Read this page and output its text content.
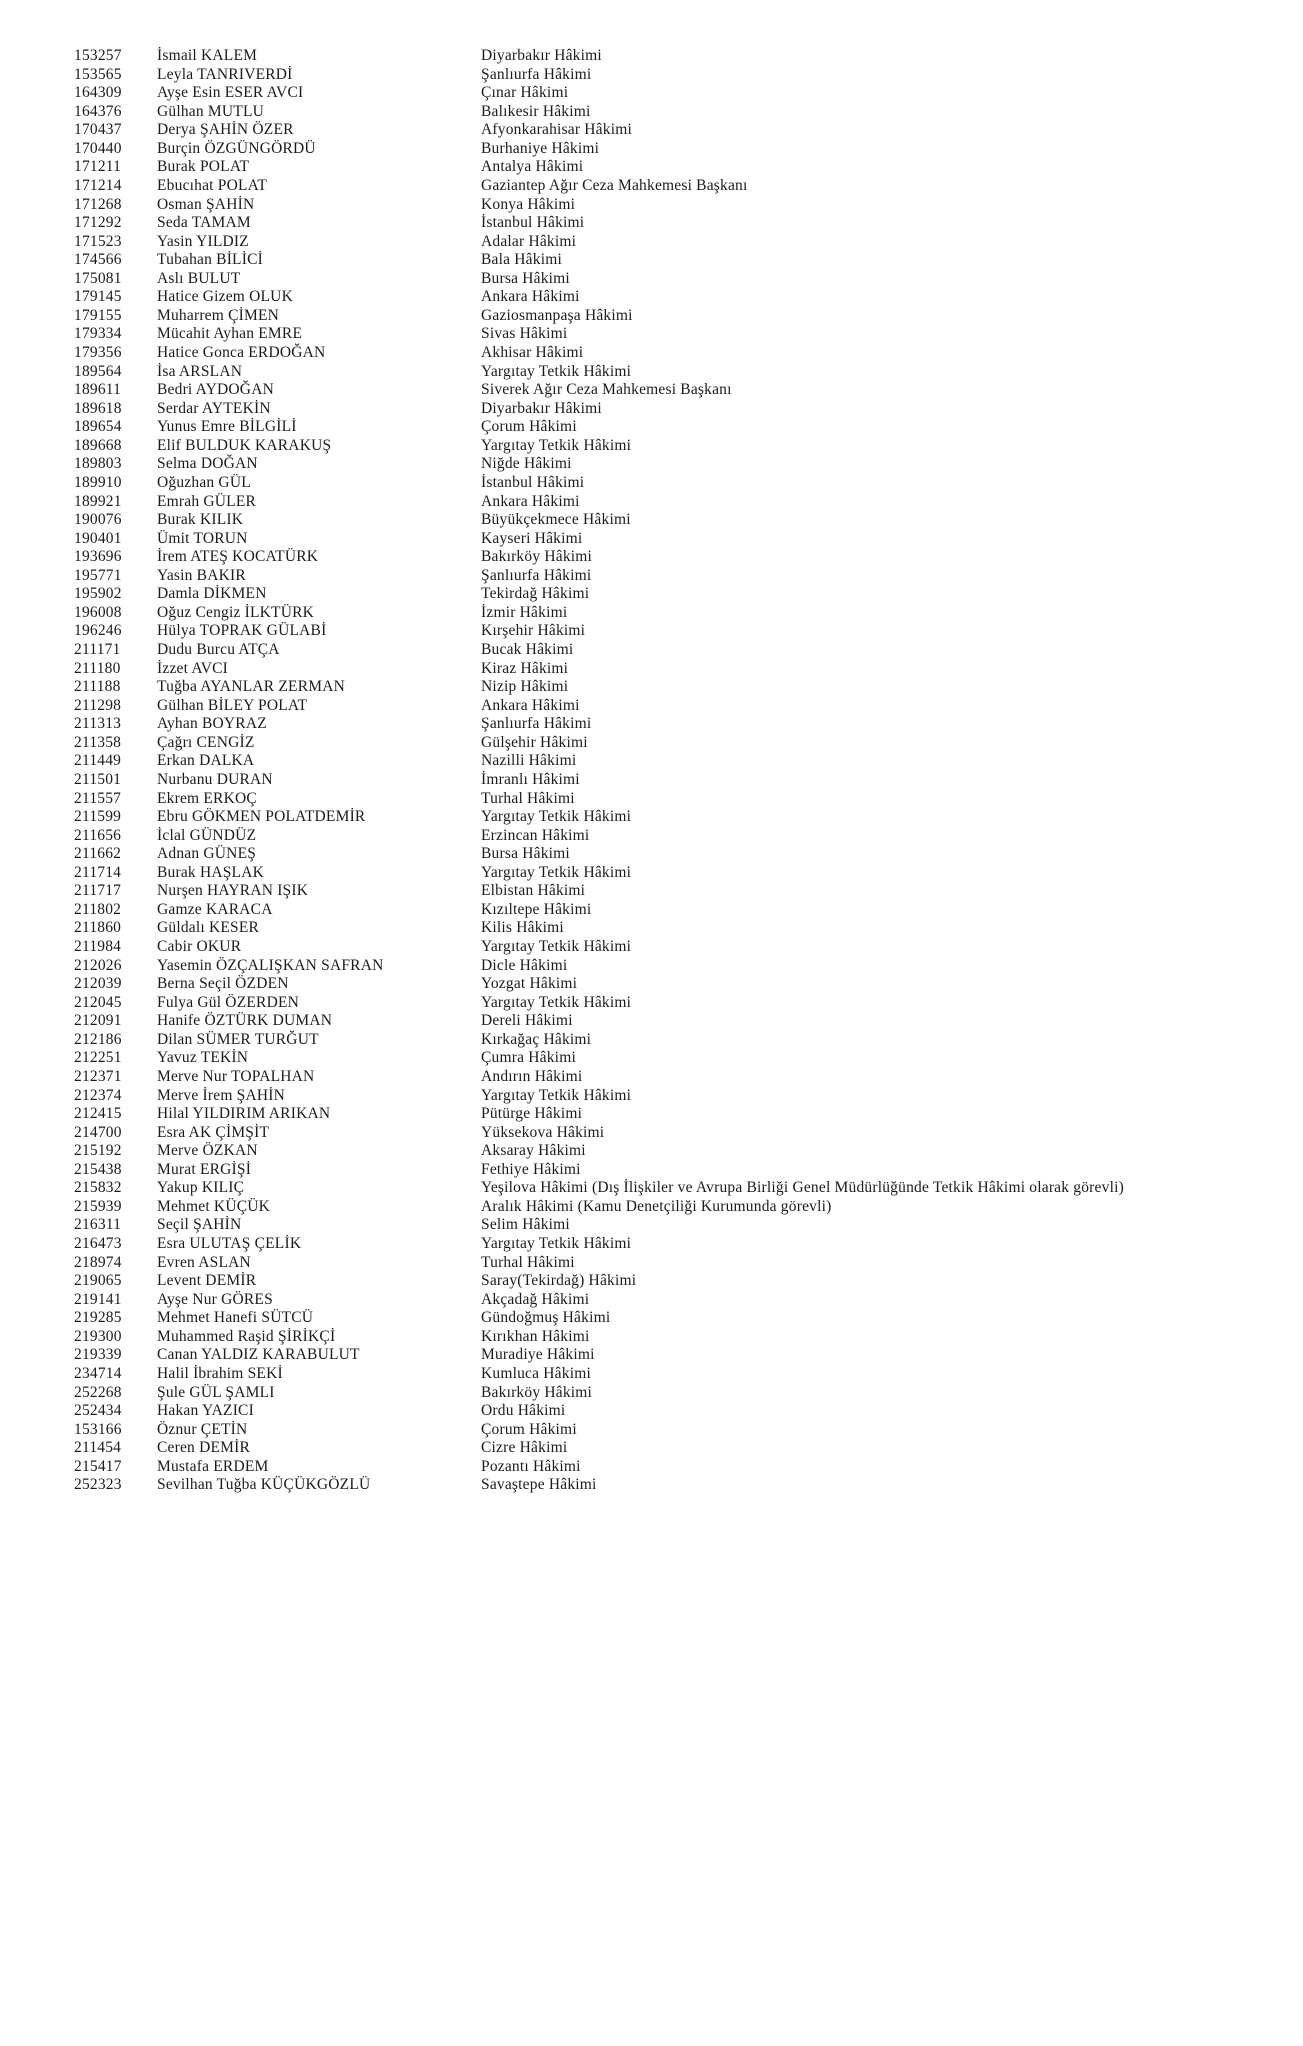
153257	İsmail KALEM	Diyarbakır Hâkimi
153565	Leyla TANRIVERDİ	Şanlıurfa Hâkimi
164309	Ayşe Esin ESER AVCI	Çınar Hâkimi
164376	Gülhan MUTLU	Balıkesir Hâkimi
170437	Derya ŞAHİN ÖZER	Afyonkarahisar Hâkimi
170440	Burçin ÖZGÜNGÖRDÜ	Burhaniye Hâkimi
171211	Burak POLAT	Antalya Hâkimi
171214	Ebucıhat POLAT	Gaziantep Ağır Ceza Mahkemesi Başkanı
171268	Osman ŞAHİN	Konya Hâkimi
171292	Seda TAMAM	İstanbul Hâkimi
171523	Yasin YILDIZ	Adalar Hâkimi
174566	Tubahan BİLİCİ	Bala Hâkimi
175081	Aslı BULUT	Bursa Hâkimi
179145	Hatice Gizem OLUK	Ankara Hâkimi
179155	Muharrem ÇİMEN	Gaziosmanpaşa Hâkimi
179334	Mücahit Ayhan EMRE	Sivas Hâkimi
179356	Hatice Gonca ERDOĞAN	Akhisar Hâkimi
189564	İsa ARSLAN	Yargıtay Tetkik Hâkimi
189611	Bedri AYDOĞAN	Siverek Ağır Ceza Mahkemesi Başkanı
189618	Serdar AYTEKİN	Diyarbakır Hâkimi
189654	Yunus Emre BİLGİLİ	Çorum Hâkimi
189668	Elif BULDUK KARAKUŞ	Yargıtay Tetkik Hâkimi
189803	Selma DOĞAN	Niğde Hâkimi
189910	Oğuzhan GÜL	İstanbul Hâkimi
189921	Emrah GÜLER	Ankara Hâkimi
190076	Burak KILIK	Büyükçekmece Hâkimi
190401	Ümit TORUN	Kayseri Hâkimi
193696	İrem ATEŞ KOCATÜRK	Bakırköy Hâkimi
195771	Yasin BAKIR	Şanlıurfa Hâkimi
195902	Damla DİKMEN	Tekirdağ Hâkimi
196008	Oğuz Cengiz İLKTÜRK	İzmir Hâkimi
196246	Hülya TOPRAK GÜLABİ	Kırşehir Hâkimi
211171	Dudu Burcu ATÇA	Bucak Hâkimi
211180	İzzet AVCI	Kiraz Hâkimi
211188	Tuğba AYANLAR ZERMAN	Nizip Hâkimi
211298	Gülhan BİLEY POLAT	Ankara Hâkimi
211313	Ayhan BOYRAZ	Şanlıurfa Hâkimi
211358	Çağrı CENGİZ	Gülşehir Hâkimi
211449	Erkan DALKA	Nazilli Hâkimi
211501	Nurbanu DURAN	İmranlı Hâkimi
211557	Ekrem ERKOÇ	Turhal Hâkimi
211599	Ebru GÖKMEN POLATDEMİR	Yargıtay Tetkik Hâkimi
211656	İclal GÜNDÜZ	Erzincan Hâkimi
211662	Adnan GÜNEŞ	Bursa Hâkimi
211714	Burak HAŞLAK	Yargıtay Tetkik Hâkimi
211717	Nurşen HAYRAN IŞIK	Elbistan Hâkimi
211802	Gamze KARACA	Kızıltepe Hâkimi
211860	Güldalı KESER	Kilis Hâkimi
211984	Cabir OKUR	Yargıtay Tetkik Hâkimi
212026	Yasemin ÖZÇALIŞKAN SAFRAN	Dicle Hâkimi
212039	Berna Seçil ÖZDEN	Yozgat Hâkimi
212045	Fulya Gül ÖZERDEN	Yargıtay Tetkik Hâkimi
212091	Hanife ÖZTÜRK DUMAN	Dereli Hâkimi
212186	Dilan SÜMER TURĞUT	Kırkağaç Hâkimi
212251	Yavuz TEKİN	Çumra Hâkimi
212371	Merve Nur TOPALHAN	Andırın Hâkimi
212374	Merve İrem ŞAHİN	Yargıtay Tetkik Hâkimi
212415	Hilal YILDIRIM ARIKAN	Pütürge Hâkimi
214700	Esra AK ÇİMŞİT	Yüksekova Hâkimi
215192	Merve ÖZKAN	Aksaray Hâkimi
215438	Murat ERGİŞİ	Fethiye Hâkimi
215832	Yakup KILIÇ	Yeşilova Hâkimi (Dış İlişkiler ve Avrupa Birliği Genel Müdürlüğünde Tetkik Hâkimi olarak görevli)
215939	Mehmet KÜÇÜK	Aralık Hâkimi (Kamu Denetçiliği Kurumunda görevli)
216311	Seçil ŞAHİN	Selim Hâkimi
216473	Esra ULUTAŞ ÇELİK	Yargıtay Tetkik Hâkimi
218974	Evren ASLAN	Turhal Hâkimi
219065	Levent DEMİR	Saray(Tekirdağ) Hâkimi
219141	Ayşe Nur GÖRES	Akçadağ Hâkimi
219285	Mehmet Hanefi SÜTCÜ	Gündoğmuş Hâkimi
219300	Muhammed Raşid ŞİRİKÇİ	Kırıkhan Hâkimi
219339	Canan YALDIZ KARABULUT	Muradiye Hâkimi
234714	Halil İbrahim SEKİ	Kumluca Hâkimi
252268	Şule GÜL ŞAMLI	Bakırköy Hâkimi
252434	Hakan YAZICI	Ordu Hâkimi
153166	Öznur ÇETİN	Çorum Hâkimi
211454	Ceren DEMİR	Cizre Hâkimi
215417	Mustafa ERDEM	Pozantı Hâkimi
252323	Sevilhan Tuğba KÜÇÜKGÖZLÜ	Savaştepe Hâkimi
